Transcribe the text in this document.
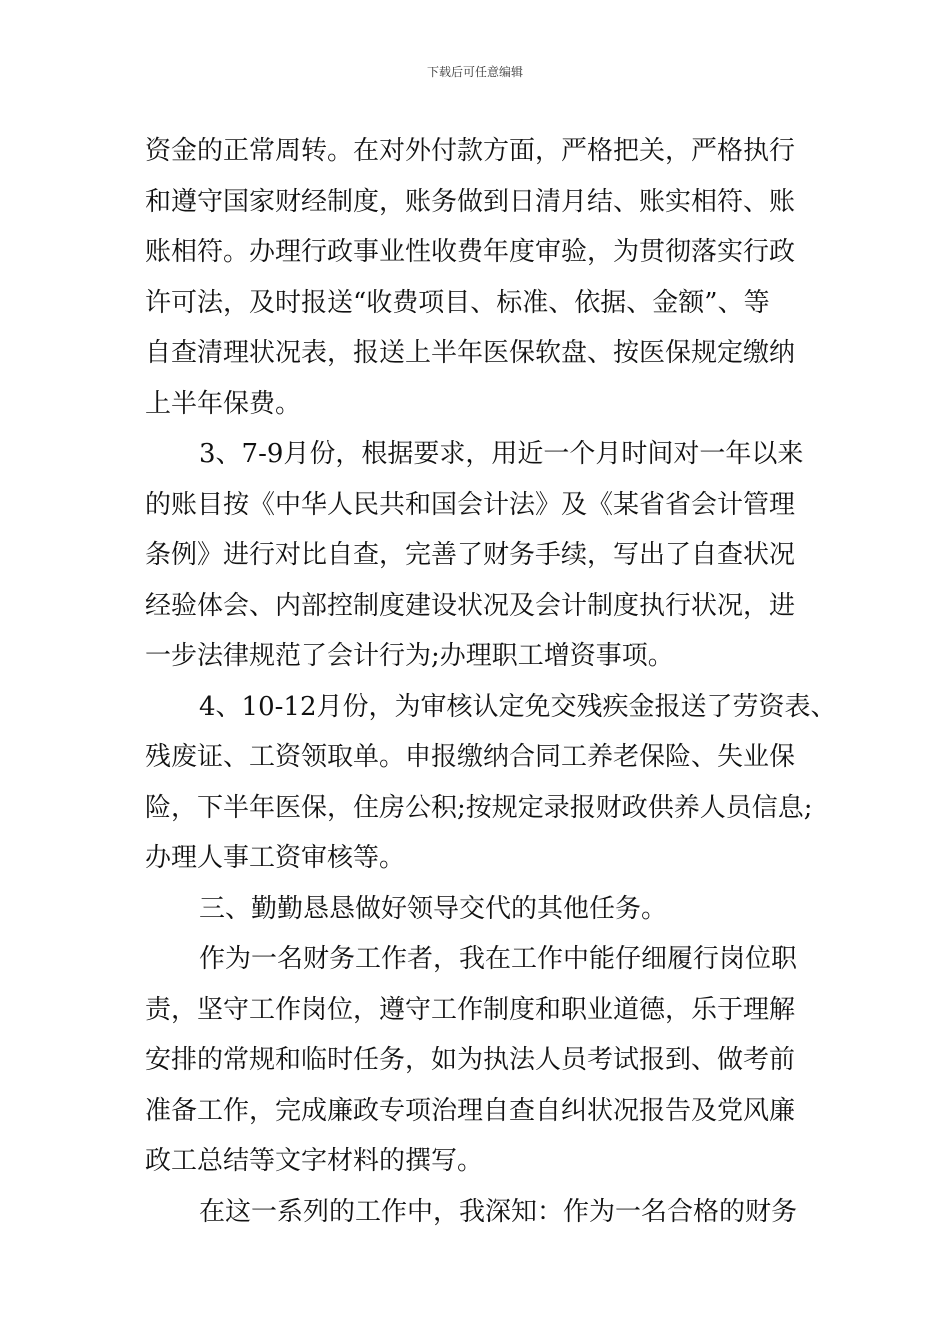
下载后可任意编辑
资金的正常周转。在对外付款方面，严格把关，严格执行
和遵守国家财经制度，账务做到日清月结、账实相符、账
账相符。办理行政事业性收费年度审验，为贯彻落实行政
许可法，及时报送“收费项目、标准、依据、金额”、等
自查清理状况表，报送上半年医保软盘、按医保规定缴纳
上半年保费。
3、7-9月份，根据要求，用近一个月时间对一年以来
的账目按《中华人民共和国会计法》及《某省省会计管理
条例》进行对比自查，完善了财务手续，写出了自查状况
经验体会、内部控制度建设状况及会计制度执行状况，进
一步法律规范了会计行为;办理职工增资事项。
4、10-12月份，为审核认定免交残疾金报送了劳资表、
残废证、工资领取单。申报缴纳合同工养老保险、失业保
险，下半年医保，住房公积;按规定录报财政供养人员信息;
办理人事工资审核等。
三、勤勤恳恳做好领导交代的其他任务。
作为一名财务工作者，我在工作中能仔细履行岗位职
责，坚守工作岗位，遵守工作制度和职业道德，乐于理解
安排的常规和临时任务，如为执法人员考试报到、做考前
准备工作，完成廉政专项治理自查自纠状况报告及党风廉
政工总结等文字材料的撰写。
在这一系列的工作中，我深知：作为一名合格的财务
